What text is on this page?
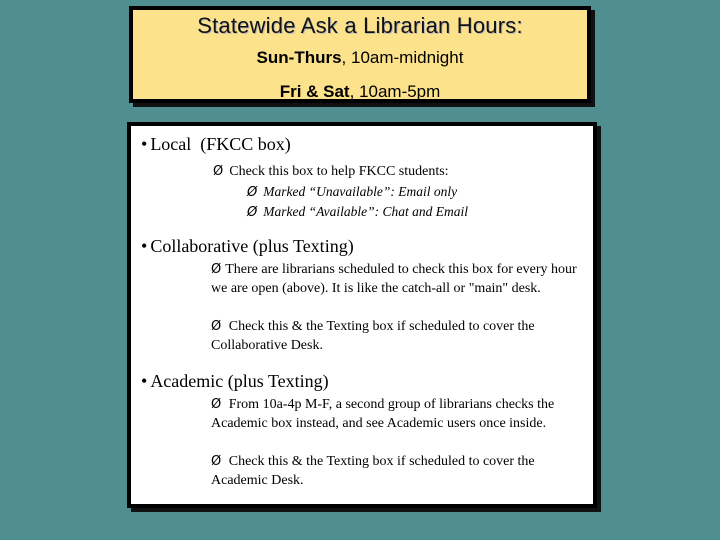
Statewide Ask a Librarian Hours:
Sun-Thurs, 10am-midnight
Fri & Sat, 10am-5pm
• Local  (FKCC box)
Ø Check this box to help FKCC students:
Ø Marked “Unavailable”: Email only
Ø Marked “Available”: Chat and Email
• Collaborative (plus Texting)
Ø There are librarians scheduled to check this box for every hour we are open (above). It is like the catch-all or "main" desk.
Ø Check this & the Texting box if scheduled to cover the Collaborative Desk.
• Academic (plus Texting)
Ø From 10a-4p M-F, a second group of librarians checks the Academic box instead, and see Academic users once inside.
Ø Check this & the Texting box if scheduled to cover the Academic Desk.
